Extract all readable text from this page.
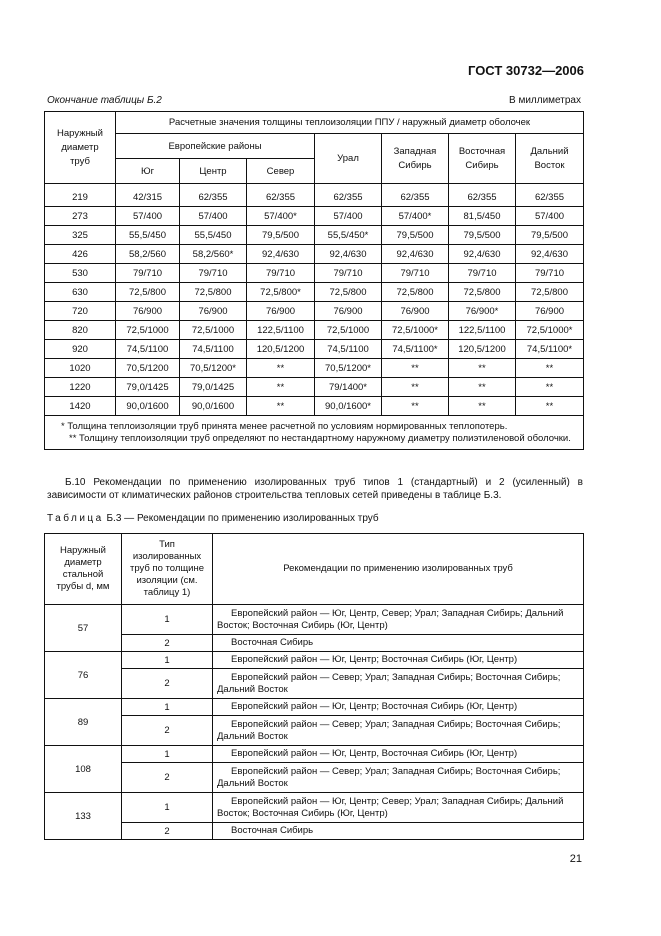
ГОСТ 30732—2006
Окончание таблицы Б.2	В миллиметрах
Наружный диаметр труб	Расчетные значения толщины теплоизоляции ППУ / наружный диаметр оболочек						
	Европейские районы			Урал	Западная Сибирь	Восточная Сибирь	Дальний Восток
	Юг	Центр	Север				
219	42/315	62/355	62/355	62/355	62/355	62/355	62/355
273	57/400	57/400	57/400*	57/400	57/400*	81,5/450	57/400
325	55,5/450	55,5/450	79,5/500	55,5/450*	79,5/500	79,5/500	79,5/500
426	58,2/560	58,2/560*	92,4/630	92,4/630	92,4/630	92,4/630	92,4/630
530	79/710	79/710	79/710	79/710	79/710	79/710	79/710
630	72,5/800	72,5/800	72,5/800*	72,5/800	72,5/800	72,5/800	72,5/800
720	76/900	76/900	76/900	76/900	76/900	76/900*	76/900
820	72,5/1000	72,5/1000	122,5/1100	72,5/1000	72,5/1000*	122,5/1100	72,5/1000*
920	74,5/1100	74,5/1100	120,5/1200	74,5/1100	74,5/1100*	120,5/1200	74,5/1100*
1020	70,5/1200	70,5/1200*	**	70,5/1200*	**	**	**
1220	79,0/1425	79,0/1425	**	79/1400*	**	**	**
1420	90,0/1600	90,0/1600	**	90,0/1600*	**	**	**

* Толщина теплоизоляции труб принята менее расчетной по условиям нормированных теплопотерь.
** Толщину теплоизоляции труб определяют по нестандартному наружному диаметру полиэтиленовой оболочки.							
Б.10 Рекомендации по применению изолированных труб типов 1 (стандартный) и 2 (усиленный) в зависимости от климатических районов строительства тепловых сетей приведены в таблице Б.3.
Таблица Б.3 — Рекомендации по применению изолированных труб
Наружный диаметр стальной трубы d, мм	Тип изолированных труб по толщине изоляции (см. таблицу 1)	Рекомендации по применению изолированных труб
57	1	Европейский район — Юг, Центр, Север; Урал; Западная Сибирь; Дальний Восток; Восточная Сибирь (Юг, Центр)
	2	Восточная Сибирь
76	1	Европейский район — Юг, Центр; Восточная Сибирь (Юг, Центр)
	2	Европейский район — Север; Урал; Западная Сибирь; Восточная Сибирь; Дальний Восток
89	1	Европейский район — Юг, Центр; Восточная Сибирь (Юг, Центр)
	2	Европейский район — Север; Урал; Западная Сибирь; Восточная Сибирь; Дальний Восток
108	1	Европейский район — Юг, Центр, Восточная Сибирь (Юг, Центр)
	2	Европейский район — Север; Урал; Западная Сибирь; Восточная Сибирь; Дальний Восток
133	1	Европейский район — Юг, Центр; Север; Урал; Западная Сибирь; Дальний Восток; Восточная Сибирь (Юг, Центр)
	2	Восточная Сибирь
21
